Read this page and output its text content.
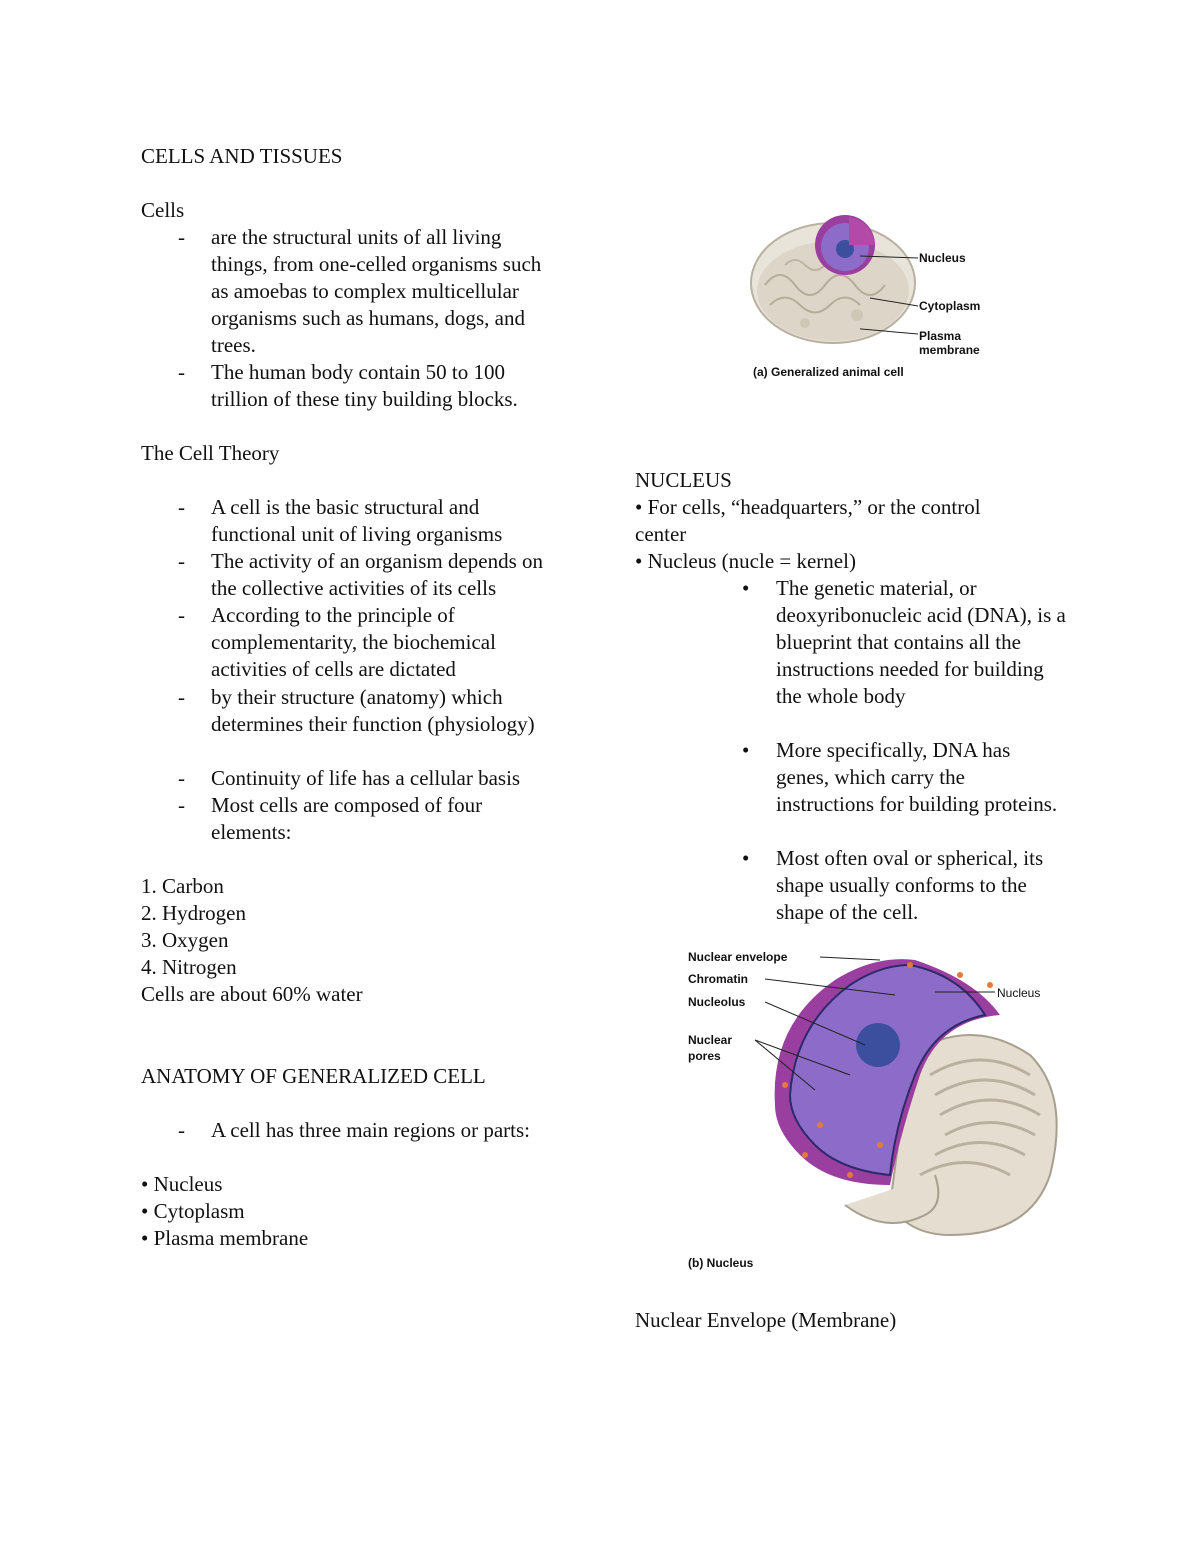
CELLS AND TISSUES
Cells
- are the structural units of all living things, from one-celled organisms such as amoebas to complex multicellular organisms such as humans, dogs, and trees.
- The human body contain 50 to 100 trillion of these tiny building blocks.
The Cell Theory
- A cell is the basic structural and functional unit of living organisms
- The activity of an organism depends on the collective activities of its cells
- According to the principle of complementarity, the biochemical activities of cells are dictated
- by their structure (anatomy) which determines their function (physiology)
- Continuity of life has a cellular basis
- Most cells are composed of four elements:
1. Carbon
2. Hydrogen
3. Oxygen
4. Nitrogen
Cells are about 60% water
ANATOMY OF GENERALIZED CELL
- A cell has three main regions or parts:
• Nucleus
• Cytoplasm
• Plasma membrane
Nucleus
Cytoplasm
Plasma
membrane
(a) Generalized animal cell
NUCLEUS
• For cells, “headquarters,” or the control
center
• Nucleus (nucle = kernel)
• The genetic material, or deoxyribonucleic acid (DNA), is a blueprint that contains all the instructions needed for building the whole body
• More specifically, DNA has genes, which carry the instructions for building proteins.
• Most often oval or spherical, its shape usually conforms to the shape of the cell.
Nuclear envelope
Chromatin
Nucleolus
Nuclear
pores
Nucleus
(b) Nucleus
Nuclear Envelope (Membrane)
